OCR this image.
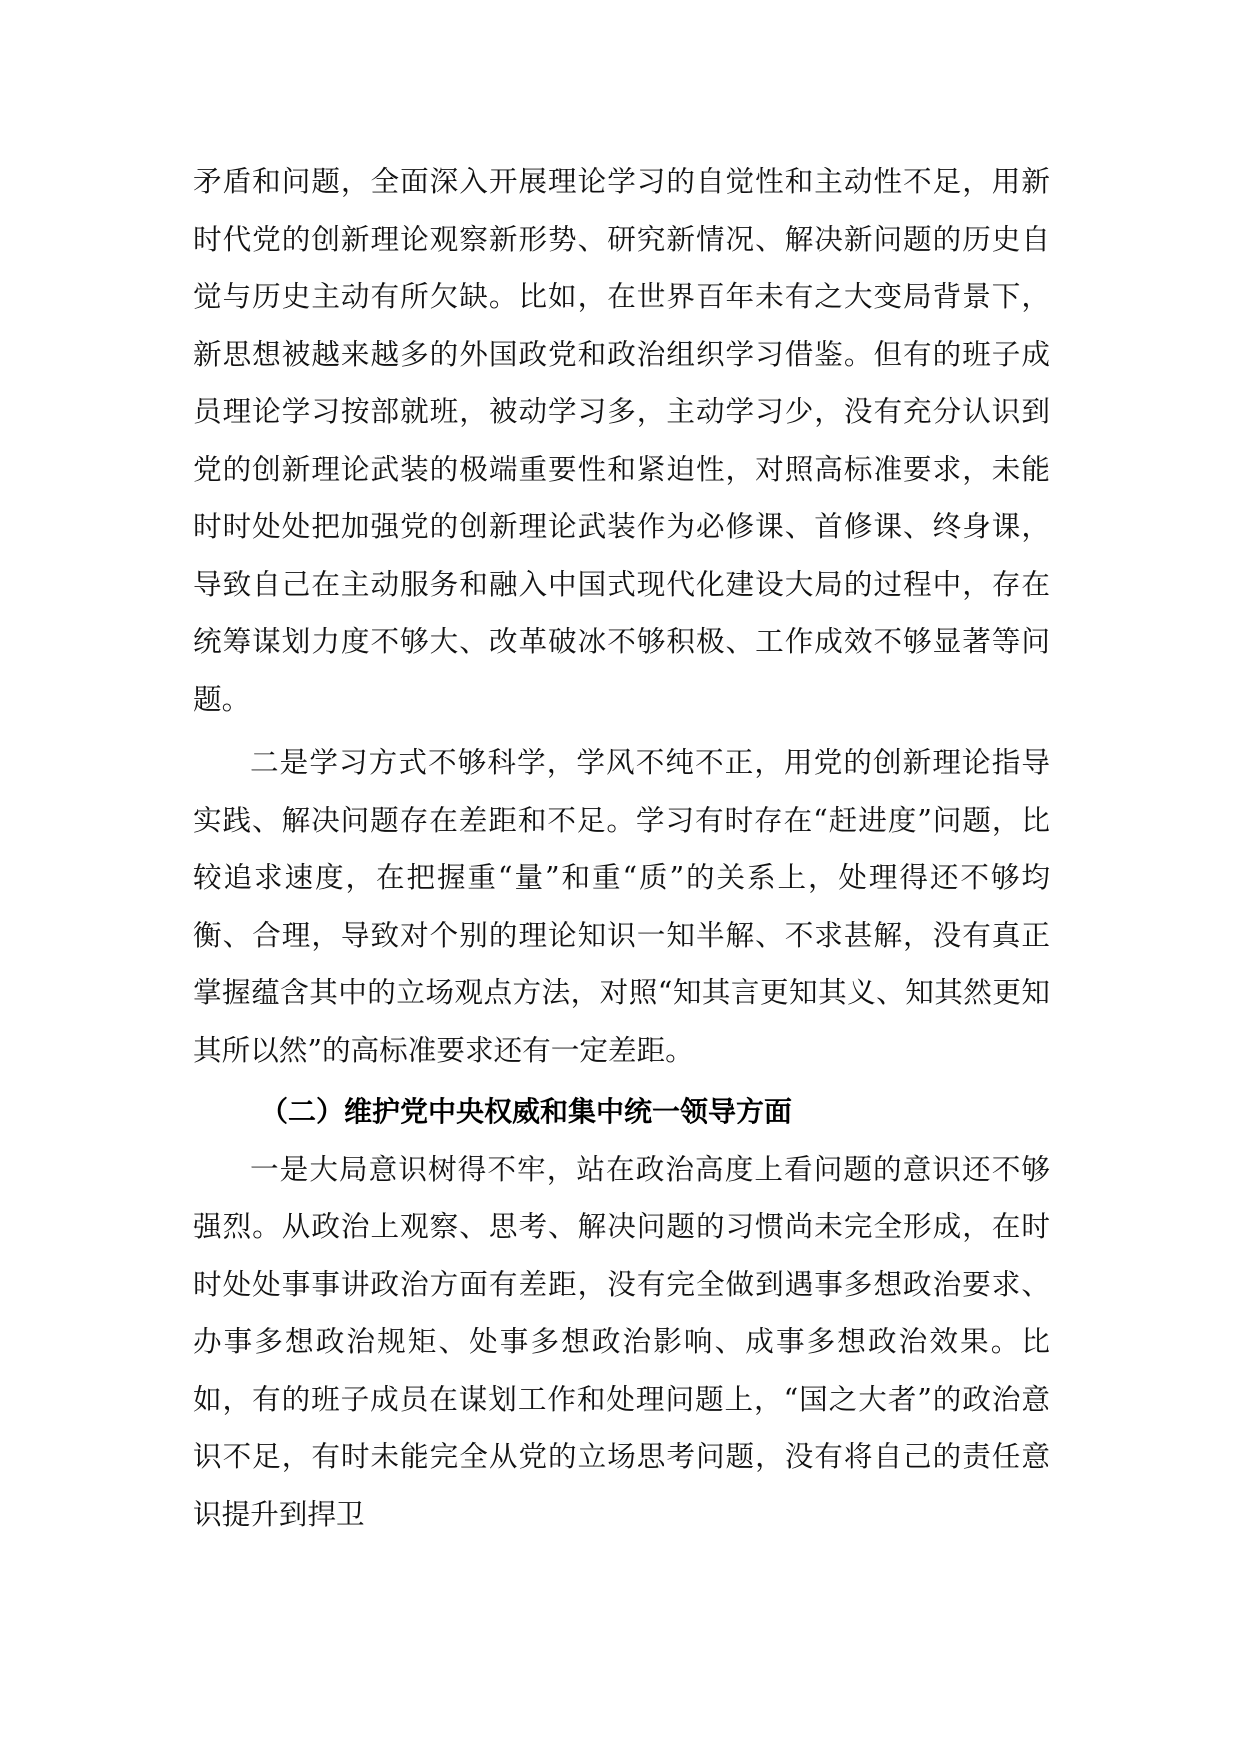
矛盾和问题，全面深入开展理论学习的自觉性和主动性不足，用新时代党的创新理论观察新形势、研究新情况、解决新问题的历史自觉与历史主动有所欠缺。比如，在世界百年未有之大变局背景下，新思想被越来越多的外国政党和政治组织学习借鉴。但有的班子成员理论学习按部就班，被动学习多，主动学习少，没有充分认识到党的创新理论武装的极端重要性和紧迫性，对照高标准要求，未能时时处处把加强党的创新理论武装作为必修课、首修课、终身课，导致自己在主动服务和融入中国式现代化建设大局的过程中，存在统筹谋划力度不够大、改革破冰不够积极、工作成效不够显著等问题。

二是学习方式不够科学，学风不纯不正，用党的创新理论指导实践、解决问题存在差距和不足。学习有时存在“赶进度”问题，比较追求速度，在把握重“量”和重“质”的关系上，处理得还不够均衡、合理，导致对个别的理论知识一知半解、不求甚解，没有真正掌握蕴含其中的立场观点方法，对照“知其言更知其义、知其然更知其所以然”的高标准要求还有一定差距。

（二）维护党中央权威和集中统一领导方面

一是大局意识树得不牢，站在政治高度上看问题的意识还不够强烈。从政治上观察、思考、解决问题的习惯尚未完全形成，在时时处处事事讲政治方面有差距，没有完全做到遇事多想政治要求、办事多想政治规矩、处事多想政治影响、成事多想政治效果。比如，有的班子成员在谋划工作和处理问题上，“国之大者”的政治意识不足，有时未能完全从党的立场思考问题，没有将自己的责任意识提升到捍卫
